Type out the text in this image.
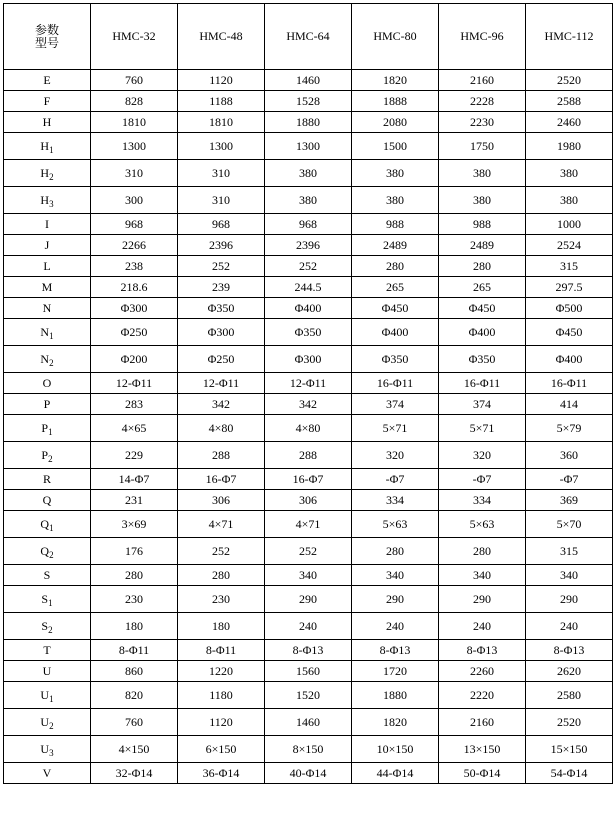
参数
型号	HMC-32	HMC-48	HMC-64	HMC-80	HMC-96	HMC-112
E	760	1120	1460	1820	2160	2520
F	828	1188	1528	1888	2228	2588
H	1810	1810	1880	2080	2230	2460
$H_1$	1300	1300	1300	1500	1750	1980
$H_2$	310	310	380	380	380	380
$H_3$	300	310	380	380	380	380
I	968	968	968	988	988	1000
J	2266	2396	2396	2489	2489	2524
L	238	252	252	280	280	315
M	218.6	239	244.5	265	265	297.5
N	Φ300	Φ350	Φ400	Φ450	Φ450	Φ500
$N_1$	Φ250	Φ300	Φ350	Φ400	Φ400	Φ450
$N_2$	Φ200	Φ250	Φ300	Φ350	Φ350	Φ400
O	12-Φ11	12-Φ11	12-Φ11	16-Φ11	16-Φ11	16-Φ11
P	283	342	342	374	374	414
$P_1$	4×65	4×80	4×80	5×71	5×71	5×79
$P_2$	229	288	288	320	320	360
R	14-Φ7	16-Φ7	16-Φ7	-Φ7	-Φ7	-Φ7
Q	231	306	306	334	334	369
$Q_1$	3×69	4×71	4×71	5×63	5×63	5×70
$Q_2$	176	252	252	280	280	315
S	280	280	340	340	340	340
$S_1$	230	230	290	290	290	290
$S_2$	180	180	240	240	240	240
T	8-Φ11	8-Φ11	8-Φ13	8-Φ13	8-Φ13	8-Φ13
U	860	1220	1560	1720	2260	2620
$U_1$	820	1180	1520	1880	2220	2580
$U_2$	760	1120	1460	1820	2160	2520
$U_3$	4×150	6×150	8×150	10×150	13×150	15×150
V	32-Φ14	36-Φ14	40-Φ14	44-Φ14	50-Φ14	54-Φ14
